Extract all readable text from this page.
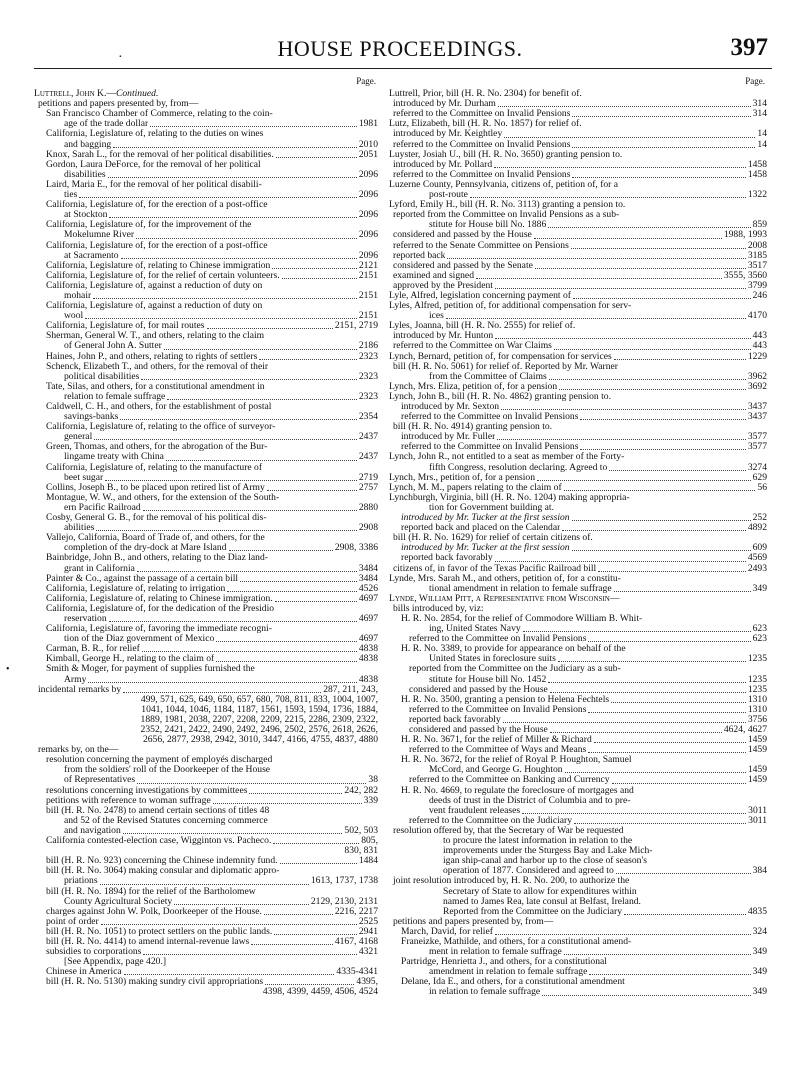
·	HOUSE PROCEEDINGS.	397
•
Page.
Luttrell, John K.—Continued.
petitions and papers presented by, from—
San Francisco Chamber of Commerce, relating to the coin-
age of the trade dollar	1981
California, Legislature of, relating to the duties on wines
and bagging	2010
Knox, Sarah L., for the removal of her political disabilities.	2051
Gordon, Laura DeForce, for the removal of her political
disabilities	2096
Laird, Maria E., for the removal of her political disabili-
ties	2096
California, Legislature of, for the erection of a post-office
at Stockton	2096
California, Legislature of, for the improvement of the
Mokelumne River	2096
California, Legislature of, for the erection of a post-office
at Sacramento	2096
California, Legislature of, relating to Chinese immigration	2121
California, Legislature of, for the relief of certain volunteers.	2151
California, Legislature of, against a reduction of duty on
mohair	2151
California, Legislature of, against a reduction of duty on
wool	2151
California, Legislature of, for mail routes	2151, 2719
Sherman, General W. T., and others, relating to the claim
of General John A. Sutter	2186
Haines, John P., and others, relating to rights of settlers	2323
Schenck, Elizabeth T., and others, for the removal of their
political disabilities	2323
Tate, Silas, and others, for a constitutional amendment in
relation to female suffrage	2323
Caldwell, C. H., and others, for the establishment of postal
savings-banks	2354
California, Legislature of, relating to the office of surveyor-
general	2437
Green, Thomas, and others, for the abrogation of the Bur-
lingame treaty with China	2437
California, Legislature of, relating to the manufacture of
beet sugar	2719
Collins, Joseph B., to be placed upon retired list of Army	2757
Montague, W. W., and others, for the extension of the South-
ern Pacific Railroad	2880
Cosby, General G. B., for the removal of his political dis-
abilities	2908
Vallejo, California, Board of Trade of, and others, for the
completion of the dry-dock at Mare Island	2908, 3386
Bainbridge, John B., and others, relating to the Diaz land-
grant in California	3484
Painter & Co., against the passage of a certain bill	3484
California, Legislature of, relating to irrigation	4526
California, Legislature of, relating to Chinese immigration.	4697
California, Legislature of, for the dedication of the Presidio
reservation	4697
California, Legislature of, favoring the immediate recogni-
tion of the Diaz government of Mexico	4697
Carman, B. R., for relief	4838
Kimball, George H., relating to the claim of	4838
Smith & Moger, for payment of supplies furnished the
Army	4838
incidental remarks by	287, 211, 243,
499, 571, 625, 649, 650, 657, 680, 708, 811, 833, 1004, 1007,
1041, 1044, 1046, 1184, 1187, 1561, 1593, 1594, 1736, 1884,
1889, 1981, 2038, 2207, 2208, 2209, 2215, 2286, 2309, 2322,
2352, 2421, 2422, 2490, 2492, 2496, 2502, 2576, 2618, 2626,
2656, 2877, 2938, 2942, 3010, 3447, 4166, 4755, 4837, 4880
remarks by, on the—
resolution concerning the payment of employés discharged
from the soldiers' roll of the Doorkeeper of the House
of Representatives	38
resolutions concerning investigations by committees	242, 282
petitions with reference to woman suffrage	339
bill (H. R. No. 2478) to amend certain sections of titles 48
and 52 of the Revised Statutes concerning commerce
and navigation	502, 503
California contested-election case, Wigginton vs. Pacheco.	805,
830, 831
bill (H. R. No. 923) concerning the Chinese indemnity fund.	1484
bill (H. R. No. 3064) making consular and diplomatic appro-
priations	1613, 1737, 1738
bill (H. R. No. 1894) for the relief of the Bartholomew
County Agricultural Society	2129, 2130, 2131
charges against John W. Polk, Doorkeeper of the House.	2216, 2217
point of order	2525
bill (H. R. No. 1051) to protect settlers on the public lands.	2941
bill (H. R. No. 4414) to amend internal-revenue laws	4167, 4168
subsidies to corporations	4321
[See Appendix, page 420.]
Chinese in America	4335-4341
bill (H. R. No. 5130) making sundry civil appropriations	4395,
4398, 4399, 4459, 4506, 4524
Page.
Luttrell, Prior, bill (H. R. No. 2304) for benefit of.
introduced by Mr. Durham	314
referred to the Committee on Invalid Pensions	314
Lutz, Elizabeth, bill (H. R. No. 1857) for relief of.
introduced by Mr. Keightley	14
referred to the Committee on Invalid Pensions	14
Luyster, Josiah U., bill (H. R. No. 3650) granting pension to.
introduced by Mr. Pollard	1458
referred to the Committee on Invalid Pensions	1458
Luzerne County, Pennsylvania, citizens of, petition of, for a
post-route	1322
Lyford, Emily H., bill (H. R. No. 3113) granting a pension to.
reported from the Committee on Invalid Pensions as a sub-
stitute for House bill No. 1886	859
considered and passed by the House	1988, 1993
referred to the Senate Committee on Pensions	2008
reported back	3185
considered and passed by the Senate	3517
examined and signed	3555, 3560
approved by the President	3799
Lyle, Alfred, legislation concerning payment of	246
Lyles, Alfred, petition of, for additional compensation for serv-
ices	4170
Lyles, Joanna, bill (H. R. No. 2555) for relief of.
introduced by Mr. Hunton	443
referred to the Committee on War Claims	443
Lynch, Bernard, petition of, for compensation for services	1229
bill (H. R. No. 5061) for relief of. Reported by Mr. Warner
from the Committee of Claims	3962
Lynch, Mrs. Eliza, petition of, for a pension	3692
Lynch, John B., bill (H. R. No. 4862) granting pension to.
introduced by Mr. Sexton	3437
referred to the Committee on Invalid Pensions	3437
bill (H. R. No. 4914) granting pension to.
introduced by Mr. Fuller	3577
referred to the Committee on Invalid Pensions	3577
Lynch, John R., not entitled to a seat as member of the Forty-
fifth Congress, resolution declaring. Agreed to	3274
Lynch, Mrs., petition of, for a pension	629
Lynch, M. M., papers relating to the claim of	56
Lynchburgh, Virginia, bill (H. R. No. 1204) making appropria-
tion for Government building at.
introduced by Mr. Tucker at the first session	252
reported back and placed on the Calendar	4892
bill (H. R. No. 1629) for relief of certain citizens of.
introduced by Mr. Tucker at the first session	609
reported back favorably	4569
citizens of, in favor of the Texas Pacific Railroad bill	2493
Lynde, Mrs. Sarah M., and others, petition of, for a constitu-
tional amendment in relation to female suffrage	349
Lynde, William Pitt, a Representative from Wisconsin—
bills introduced by, viz:
H. R. No. 2854, for the relief of Commodore William B. Whit-
ing, United States Navy	623
referred to the Committee on Invalid Pensions	623
H. R. No. 3389, to provide for appearance on behalf of the
United States in foreclosure suits	1235
reported from the Committee on the Judiciary as a sub-
stitute for House bill No. 1452	1235
considered and passed by the House	1235
H. R. No. 3500, granting a pension to Helena Fechtels	1310
referred to the Committee on Invalid Pensions	1310
reported back favorably	3756
considered and passed by the House	4624, 4627
H. R. No. 3671, for the relief of Miller & Richard	1459
referred to the Committee of Ways and Means	1459
H. R. No. 3672, for the relief of Royal P. Houghton, Samuel
McCord, and George G. Houghton	1459
referred to the Committee on Banking and Currency	1459
H. R. No. 4669, to regulate the foreclosure of mortgages and
deeds of trust in the District of Columbia and to pre-
vent fraudulent releases	3011
referred to the Committee on the Judiciary	3011
resolution offered by, that the Secretary of War be requested
to procure the latest information in relation to the
improvements under the Sturgess Bay and Lake Mich-
igan ship-canal and harbor up to the close of season's
operation of 1877. Considered and agreed to	384
joint resolution introduced by, H. R. No. 200, to authorize the
Secretary of State to allow for expenditures within
named to James Rea, late consul at Belfast, Ireland.
Reported from the Committee on the Judiciary	4835
petitions and papers presented by, from—
March, David, for relief	324
Franeizke, Mathilde, and others, for a constitutional amend-
ment in relation to female suffrage	349
Partridge, Henrietta J., and others, for a constitutional
amendment in relation to female suffrage	349
Delane, Ida E., and others, for a constitutional amendment
in relation to female suffrage	349
